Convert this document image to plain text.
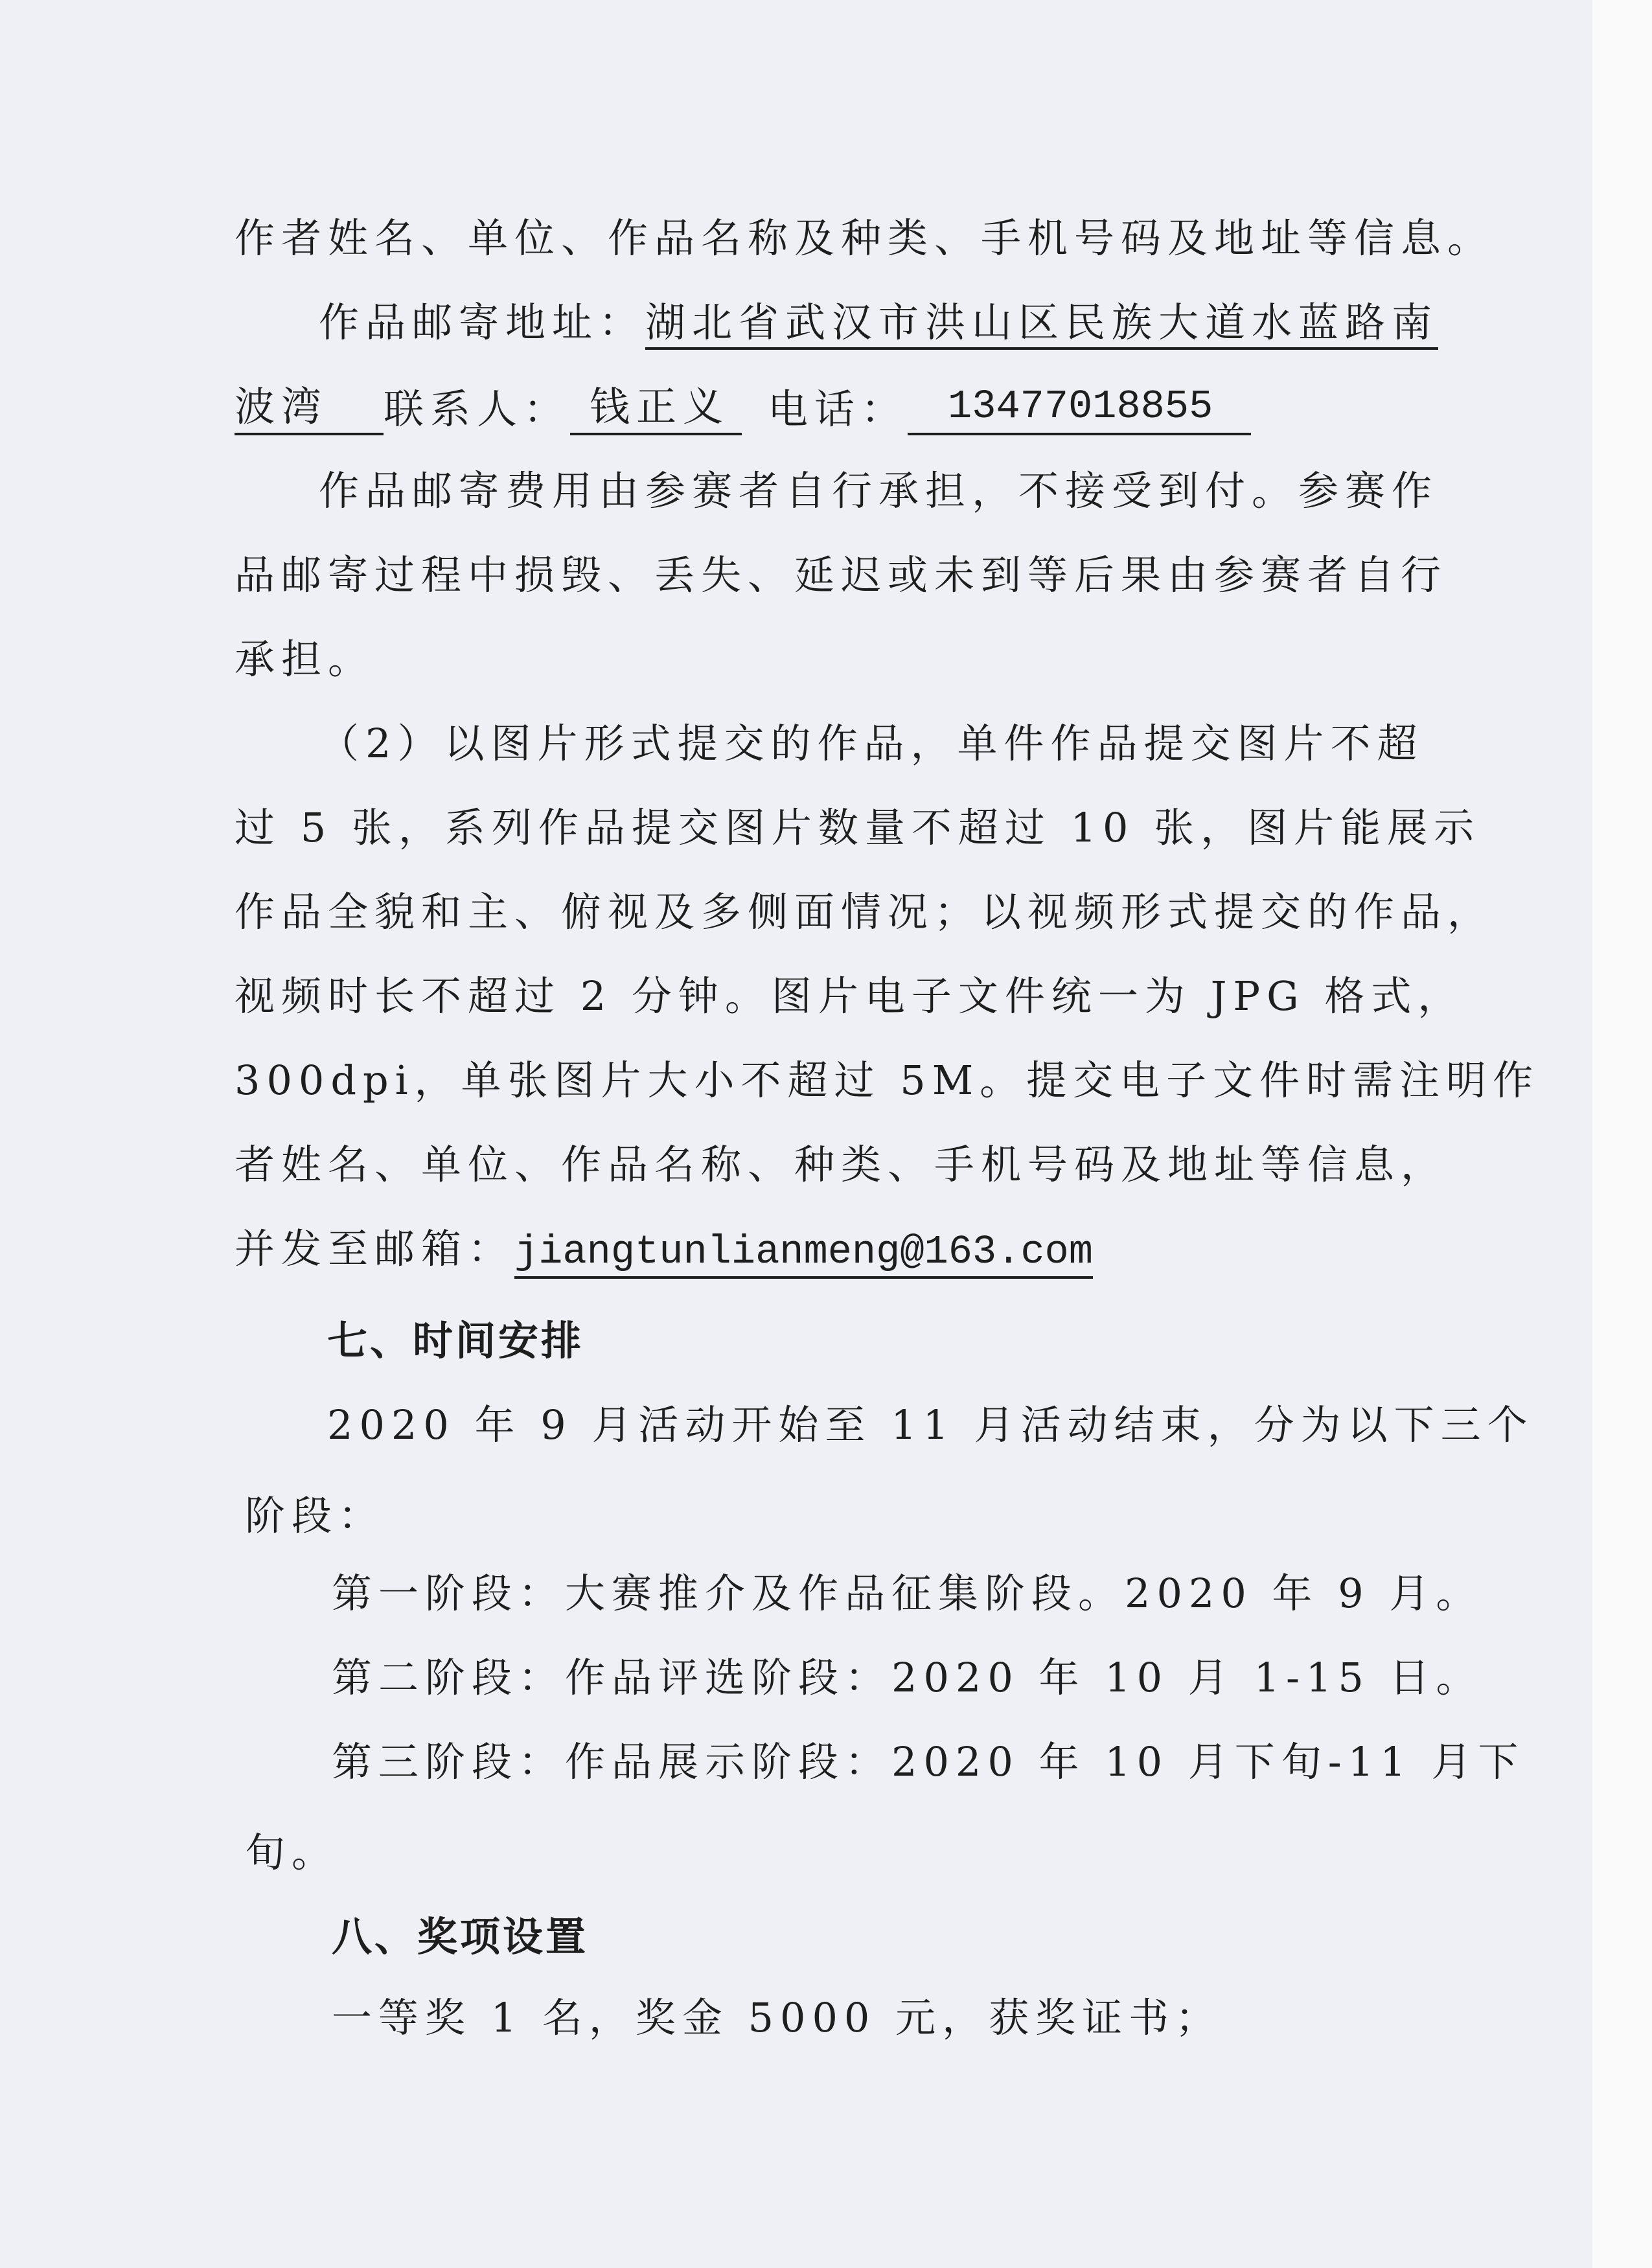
作者姓名、单位、作品名称及种类、手机号码及地址等信息。
作品邮寄地址：湖北省武汉市洪山区民族大道水蓝路南
波湾 联系人： 钱正义 电话： 13477018855
作品邮寄费用由参赛者自行承担，不接受到付。参赛作
品邮寄过程中损毁、丢失、延迟或未到等后果由参赛者自行
承担。
（2）以图片形式提交的作品，单件作品提交图片不超
过 5 张，系列作品提交图片数量不超过 10 张，图片能展示
作品全貌和主、俯视及多侧面情况；以视频形式提交的作品，
视频时长不超过 2 分钟。图片电子文件统一为 JPG 格式，
300dpi，单张图片大小不超过 5M。提交电子文件时需注明作
者姓名、单位、作品名称、种类、手机号码及地址等信息，
并发至邮箱：jiangtunlianmeng@163.com
七、时间安排
2020 年 9 月活动开始至 11 月活动结束，分为以下三个
阶段：
第一阶段：大赛推介及作品征集阶段。2020 年 9 月。
第二阶段：作品评选阶段：2020 年 10 月 1-15 日。
第三阶段：作品展示阶段：2020 年 10 月下旬-11 月下
旬。
八、奖项设置
一等奖 1 名，奖金 5000 元，获奖证书；
